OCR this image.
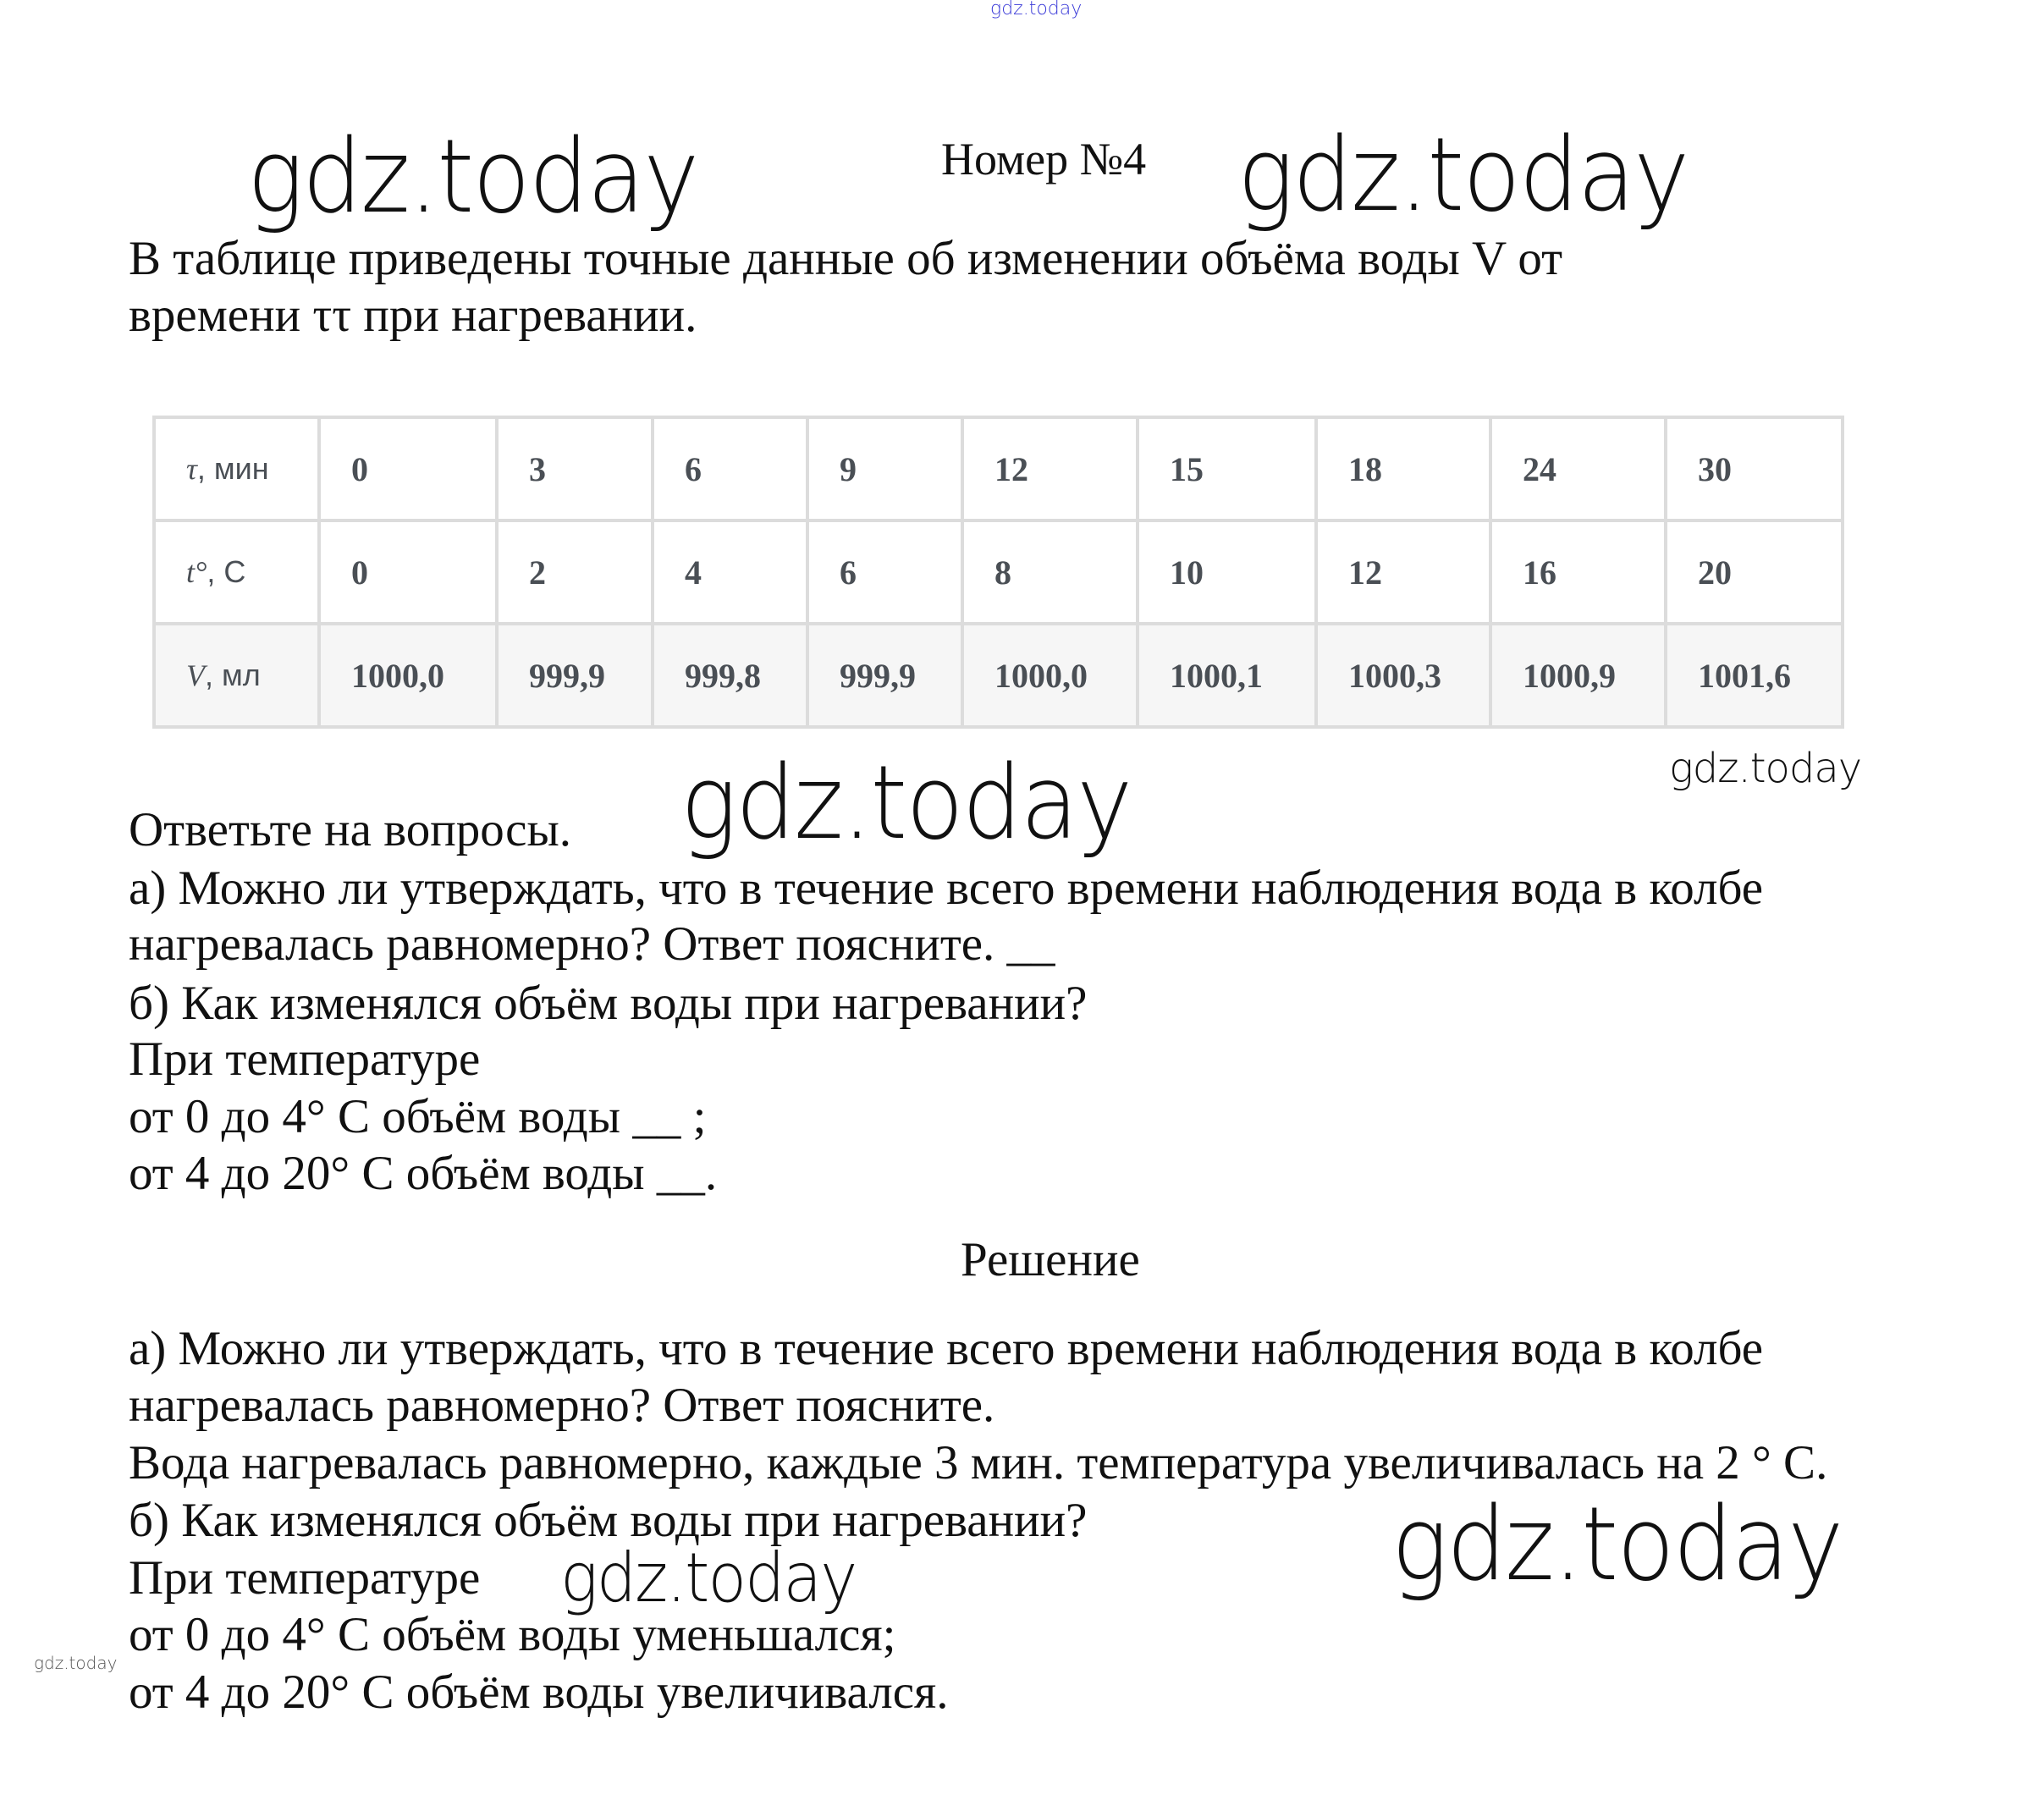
gdz.today
Номер №4
gdz.today	gdz.today
В таблице приведены точные данные об изменении объёма воды V от
времени ττ при нагревании.
τ, мин	0	3	6	9	12	15	18	24	30
t°, С	0	2	4	6	8	10	12	16	20
V, мл	1000,0	999,9	999,8	999,9	1000,0	1000,1	1000,3	1000,9	1001,6
gdz.today
gdz.today
Ответьте на вопросы.
а) Можно ли утверждать, что в течение всего времени наблюдения вода в колбе
нагревалась равномерно? Ответ поясните. __
б) Как изменялся объём воды при нагревании?
При температуре
от 0 до 4° С объём воды __ ;
от 4 до 20° С объём воды __.
Решение
а) Можно ли утверждать, что в течение всего времени наблюдения вода в колбе
нагревалась равномерно? Ответ поясните.
Вода нагревалась равномерно, каждые 3 мин. температура увеличивалась на 2 ° С.
б) Как изменялся объём воды при нагревании?
При температуре
от 0 до 4° С объём воды уменьшался;
от 4 до 20° С объём воды увеличивался.
gdz.today
gdz.today
gdz.today
